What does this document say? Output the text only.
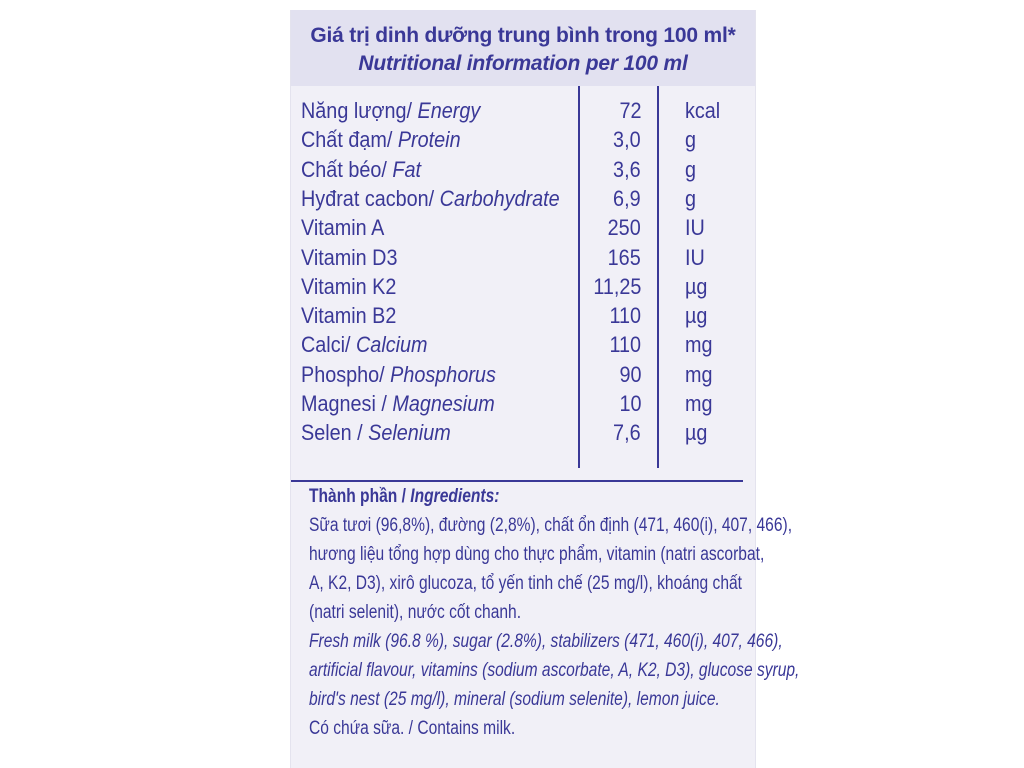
Giá trị dinh dưỡng trung bình trong 100 ml*
Nutritional information per 100 ml
Năng lượng/ Energy	72 kcal
Chất đạm/ Protein	3,0 g
Chất béo/ Fat	3,6 g
Hyđrat cacbon/ Carbohydrate 6,9 g
Vitamin A	250 IU
Vitamin D3	165 IU
Vitamin K2	11,25 µg
Vitamin B2	110 µg
Calci/ Calcium	110 mg
Phospho/ Phosphorus	90 mg
Magnesi / Magnesium	10 mg
Selen / Selenium	7,6 µg
Thành phần / Ingredients:
Sữa tươi (96,8%), đường (2,8%), chất ổn định (471, 460(i), 407, 466),
hương liệu tổng hợp dùng cho thực phẩm, vitamin (natri ascorbat,
A, K2, D3), xirô glucoza, tổ yến tinh chế (25 mg/l), khoáng chất
(natri selenit), nước cốt chanh.
Fresh milk (96.8 %), sugar (2.8%), stabilizers (471, 460(i), 407, 466),
artificial flavour, vitamins (sodium ascorbate, A, K2, D3), glucose syrup,
bird's nest (25 mg/l), mineral (sodium selenite), lemon juice.
Có chứa sữa. / Contains milk.
